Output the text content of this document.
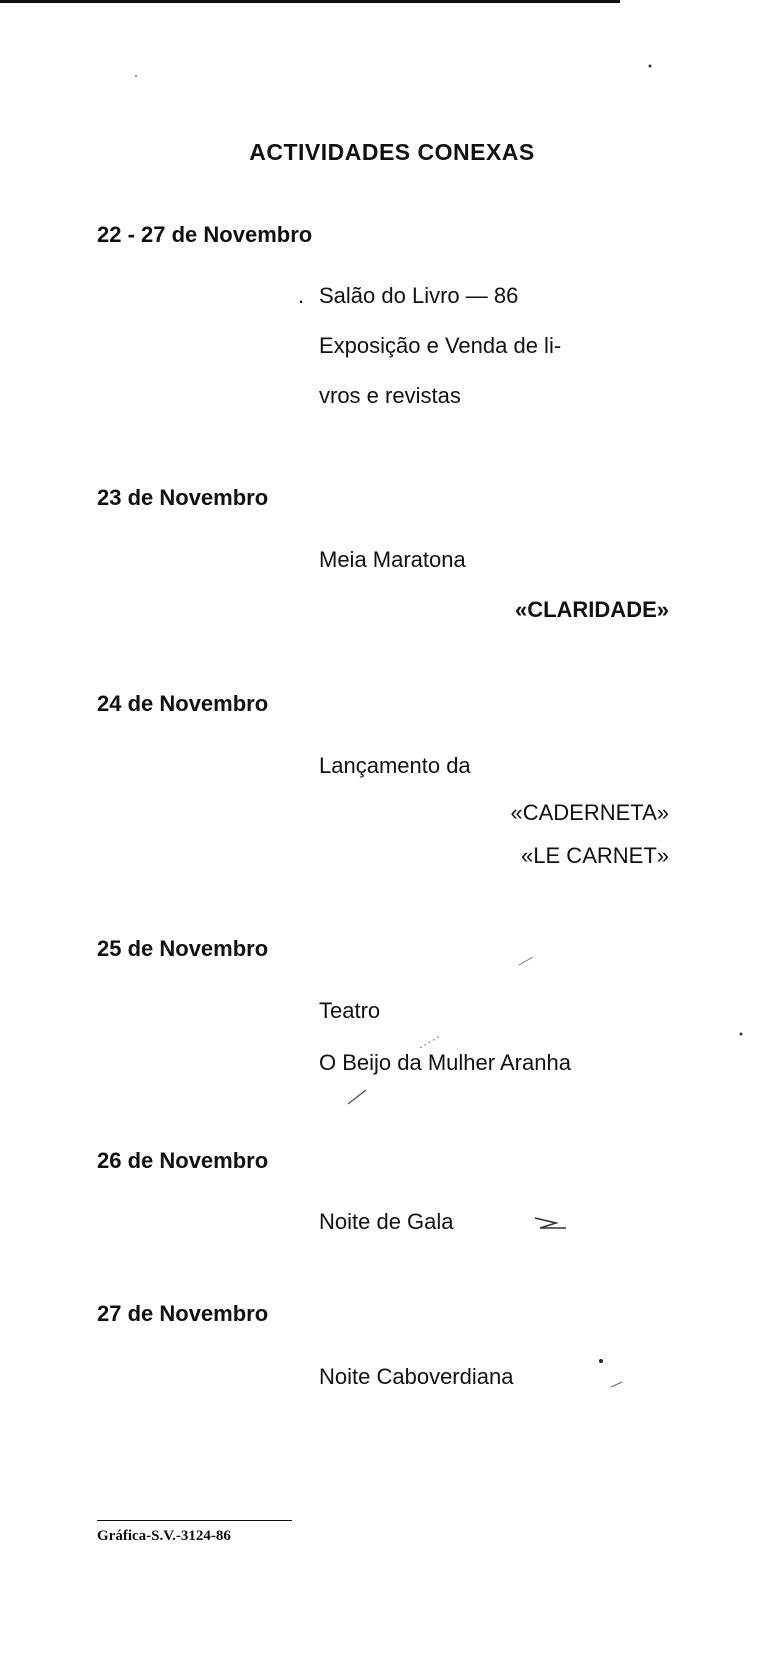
ACTIVIDADES CONEXAS
22 - 27 de Novembro
. Salão do Livro — 86
Exposição e Venda de li-
vros e revistas
23 de Novembro
Meia Maratona
«CLARIDADE»
24 de Novembro
Lançamento da
«CADERNETA»
«LE CARNET»
25 de Novembro
Teatro
O Beijo da Mulher Aranha
26 de Novembro
Noite de Gala
27 de Novembro
Noite Caboverdiana
Gráfica-S.V.-3124-86
